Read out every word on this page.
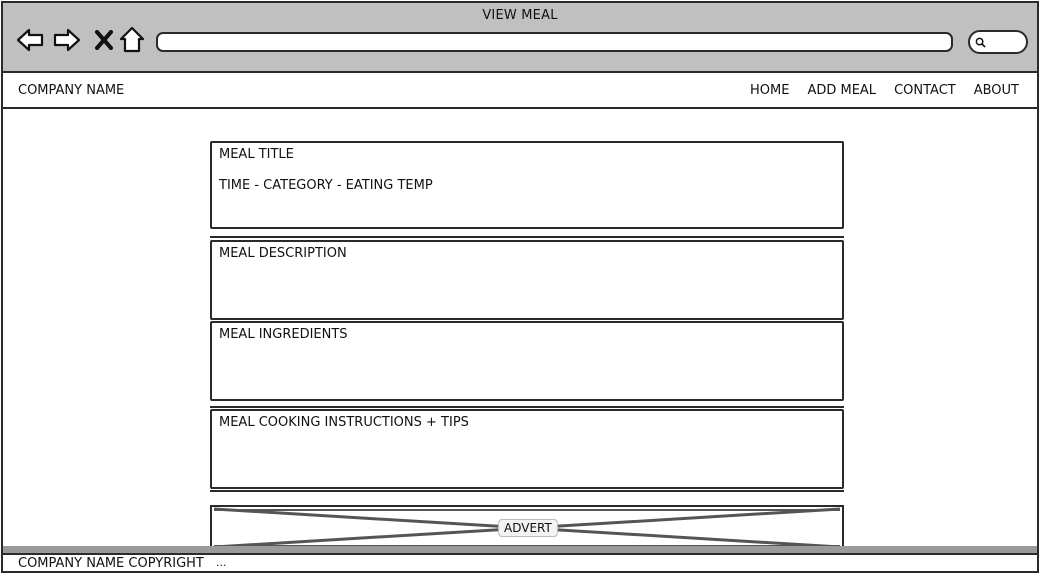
VIEW MEAL
COMPANY NAME	HOME ADD MEAL CONTACT ABOUT
MEAL TITLE
TIME - CATEGORY - EATING TEMP
MEAL DESCRIPTION
MEAL INGREDIENTS
MEAL COOKING INSTRUCTIONS + TIPS
ADVERT
COMPANY NAME COPYRIGHT ...
